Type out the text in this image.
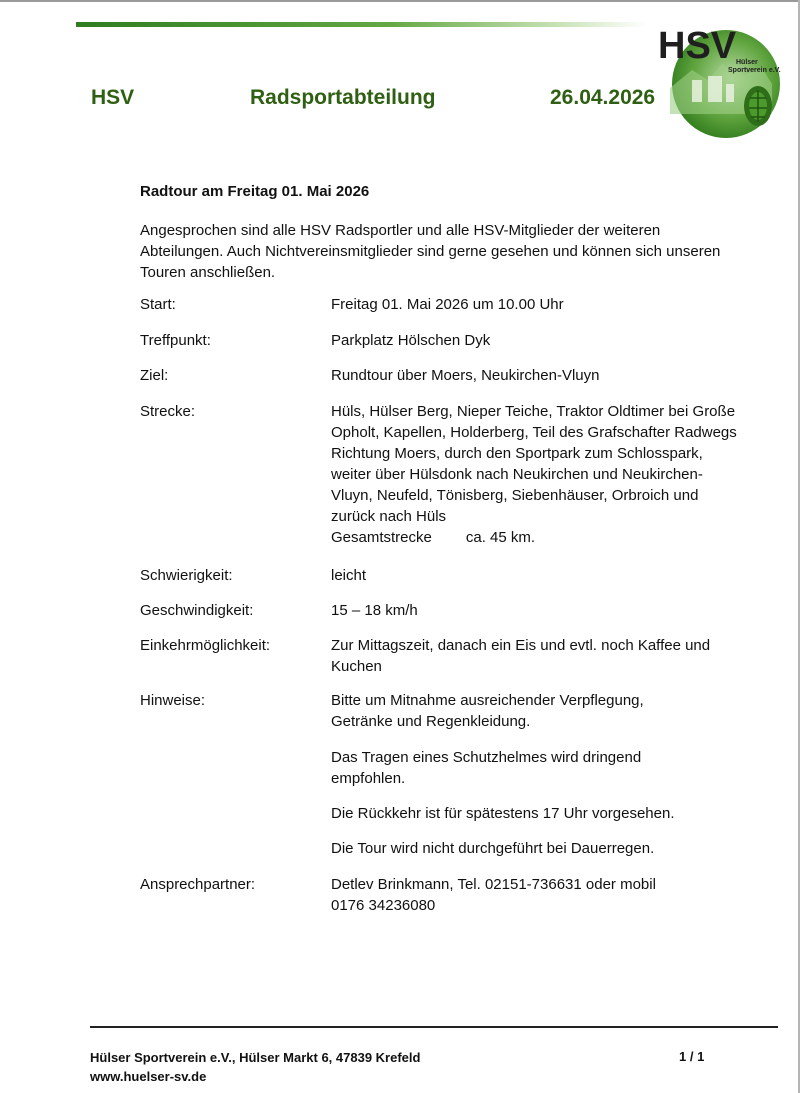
HSV	Radsportabteilung	26.04.2026
HSV Hülser Sportverein e.V.
Radtour am Freitag 01. Mai 2026
Angesprochen sind alle HSV Radsportler und alle HSV-Mitglieder der weiteren
Abteilungen. Auch Nichtvereinsmitglieder sind gerne gesehen und können sich unseren
Touren anschließen.
Start:	Freitag 01. Mai 2026 um 10.00 Uhr
Treffpunkt:	Parkplatz Hölschen Dyk
Ziel:	Rundtour über Moers, Neukirchen-Vluyn
Strecke:	Hüls, Hülser Berg, Nieper Teiche, Traktor Oldtimer bei Große
Opholt, Kapellen, Holderberg, Teil des Grafschafter Radwegs
Richtung Moers, durch den Sportpark zum Schlosspark,
weiter über Hülsdonk nach Neukirchen und Neukirchen-
Vluyn, Neufeld, Tönisberg, Siebenhäuser, Orbroich und
zurück nach Hüls
Gesamtstrecke ca. 45 km.
Schwierigkeit:	leicht
Geschwindigkeit:	15 – 18 km/h
Einkehrmöglichkeit:	Zur Mittagszeit, danach ein Eis und evtl. noch Kaffee und
Kuchen
Hinweise:	Bitte um Mitnahme ausreichender Verpflegung,
Getränke und Regenkleidung.
Das Tragen eines Schutzhelmes wird dringend
empfohlen.
Die Rückkehr ist für spätestens 17 Uhr vorgesehen.
Die Tour wird nicht durchgeführt bei Dauerregen.
Ansprechpartner:	Detlev Brinkmann, Tel. 02151-736631 oder mobil
0176 34236080
Hülser Sportverein e.V., Hülser Markt 6, 47839 Krefeld
www.huelser-sv.de
1 / 1
